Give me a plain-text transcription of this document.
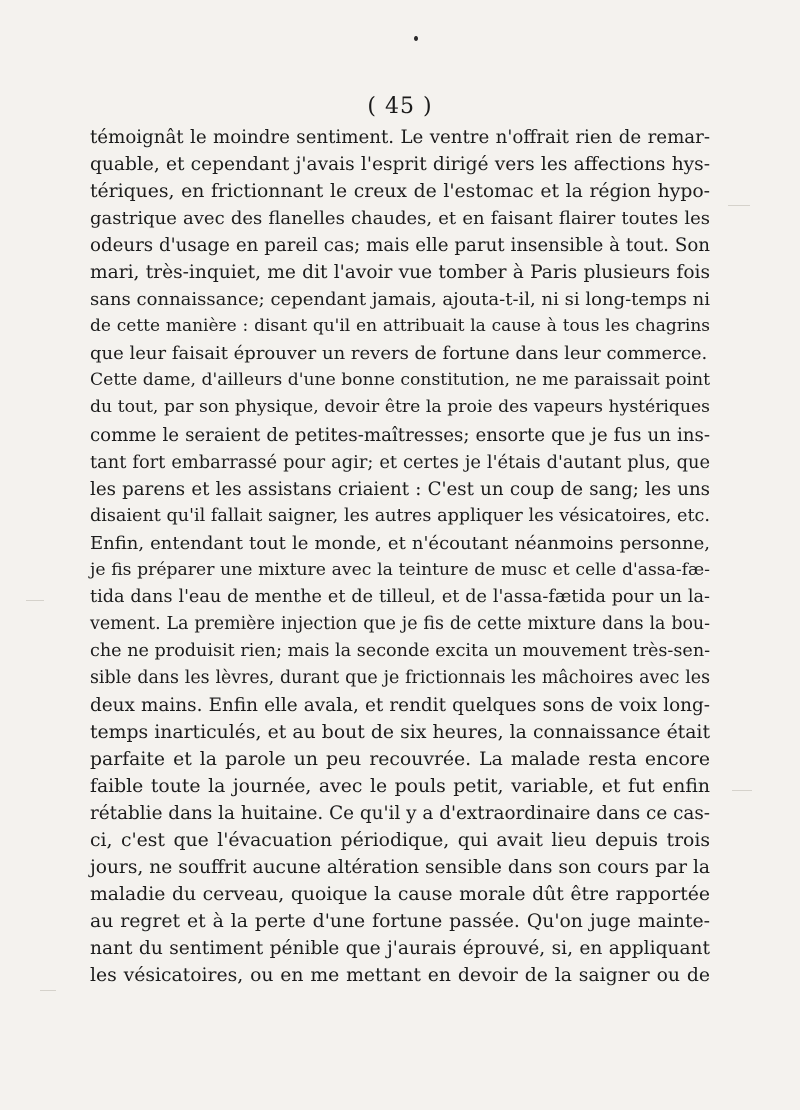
( 45 )
témoignât le moindre sentiment. Le ventre n'offrait rien de remar-
quable, et cependant j'avais l'esprit dirigé vers les affections hys-
tériques, en frictionnant le creux de l'estomac et la région hypo-
gastrique avec des flanelles chaudes, et en faisant flairer toutes les
odeurs d'usage en pareil cas; mais elle parut insensible à tout. Son
mari, très-inquiet, me dit l'avoir vue tomber à Paris plusieurs fois
sans connaissance; cependant jamais, ajouta-t-il, ni si long-temps ni
de cette manière : disant qu'il en attribuait la cause à tous les chagrins
que leur faisait éprouver un revers de fortune dans leur commerce.
Cette dame, d'ailleurs d'une bonne constitution, ne me paraissait point
du tout, par son physique, devoir être la proie des vapeurs hystériques
comme le seraient de petites-maîtresses; ensorte que je fus un ins-
tant fort embarrassé pour agir; et certes je l'étais d'autant plus, que
les parens et les assistans criaient : C'est un coup de sang; les uns
disaient qu'il fallait saigner, les autres appliquer les vésicatoires, etc.
Enfin, entendant tout le monde, et n'écoutant néanmoins personne,
je fis préparer une mixture avec la teinture de musc et celle d'assa-fæ-
tida dans l'eau de menthe et de tilleul, et de l'assa-fætida pour un la-
vement. La première injection que je fis de cette mixture dans la bou-
che ne produisit rien; mais la seconde excita un mouvement très-sen-
sible dans les lèvres, durant que je frictionnais les mâchoires avec les
deux mains. Enfin elle avala, et rendit quelques sons de voix long-
temps inarticulés, et au bout de six heures, la connaissance était
parfaite et la parole un peu recouvrée. La malade resta encore
faible toute la journée, avec le pouls petit, variable, et fut enfin
rétablie dans la huitaine. Ce qu'il y a d'extraordinaire dans ce cas-
ci, c'est que l'évacuation périodique, qui avait lieu depuis trois
jours, ne souffrit aucune altération sensible dans son cours par la
maladie du cerveau, quoique la cause morale dût être rapportée
au regret et à la perte d'une fortune passée. Qu'on juge mainte-
nant du sentiment pénible que j'aurais éprouvé, si, en appliquant
les vésicatoires, ou en me mettant en devoir de la saigner ou de
